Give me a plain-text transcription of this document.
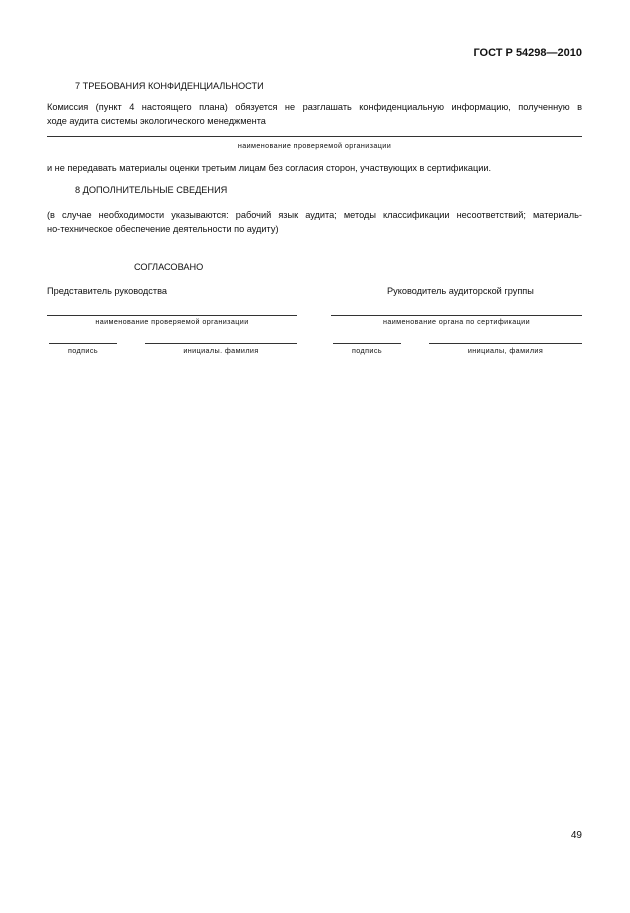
ГОСТ Р 54298—2010
7 ТРЕБОВАНИЯ КОНФИДЕНЦИАЛЬНОСТИ
Комиссия (пункт 4 настоящего плана) обязуется не разглашать конфиденциальную информацию, полученную в
ходе аудита системы экологического менеджмента
наименование проверяемой организации
и не передавать материалы оценки третьим лицам без согласия сторон, участвующих в сертификации.
8 ДОПОЛНИТЕЛЬНЫЕ СВЕДЕНИЯ
(в случае необходимости указываются: рабочий язык аудита; методы классификации несоответствий; материаль-
но-техническое обеспечение деятельности по аудиту)
СОГЛАСОВАНО
Представитель руководства
наименование проверяемой организации
подпись	инициалы. фамилия
Руководитель аудиторской группы
наименование органа по сертификации
подпись	инициалы, фамилия
49
